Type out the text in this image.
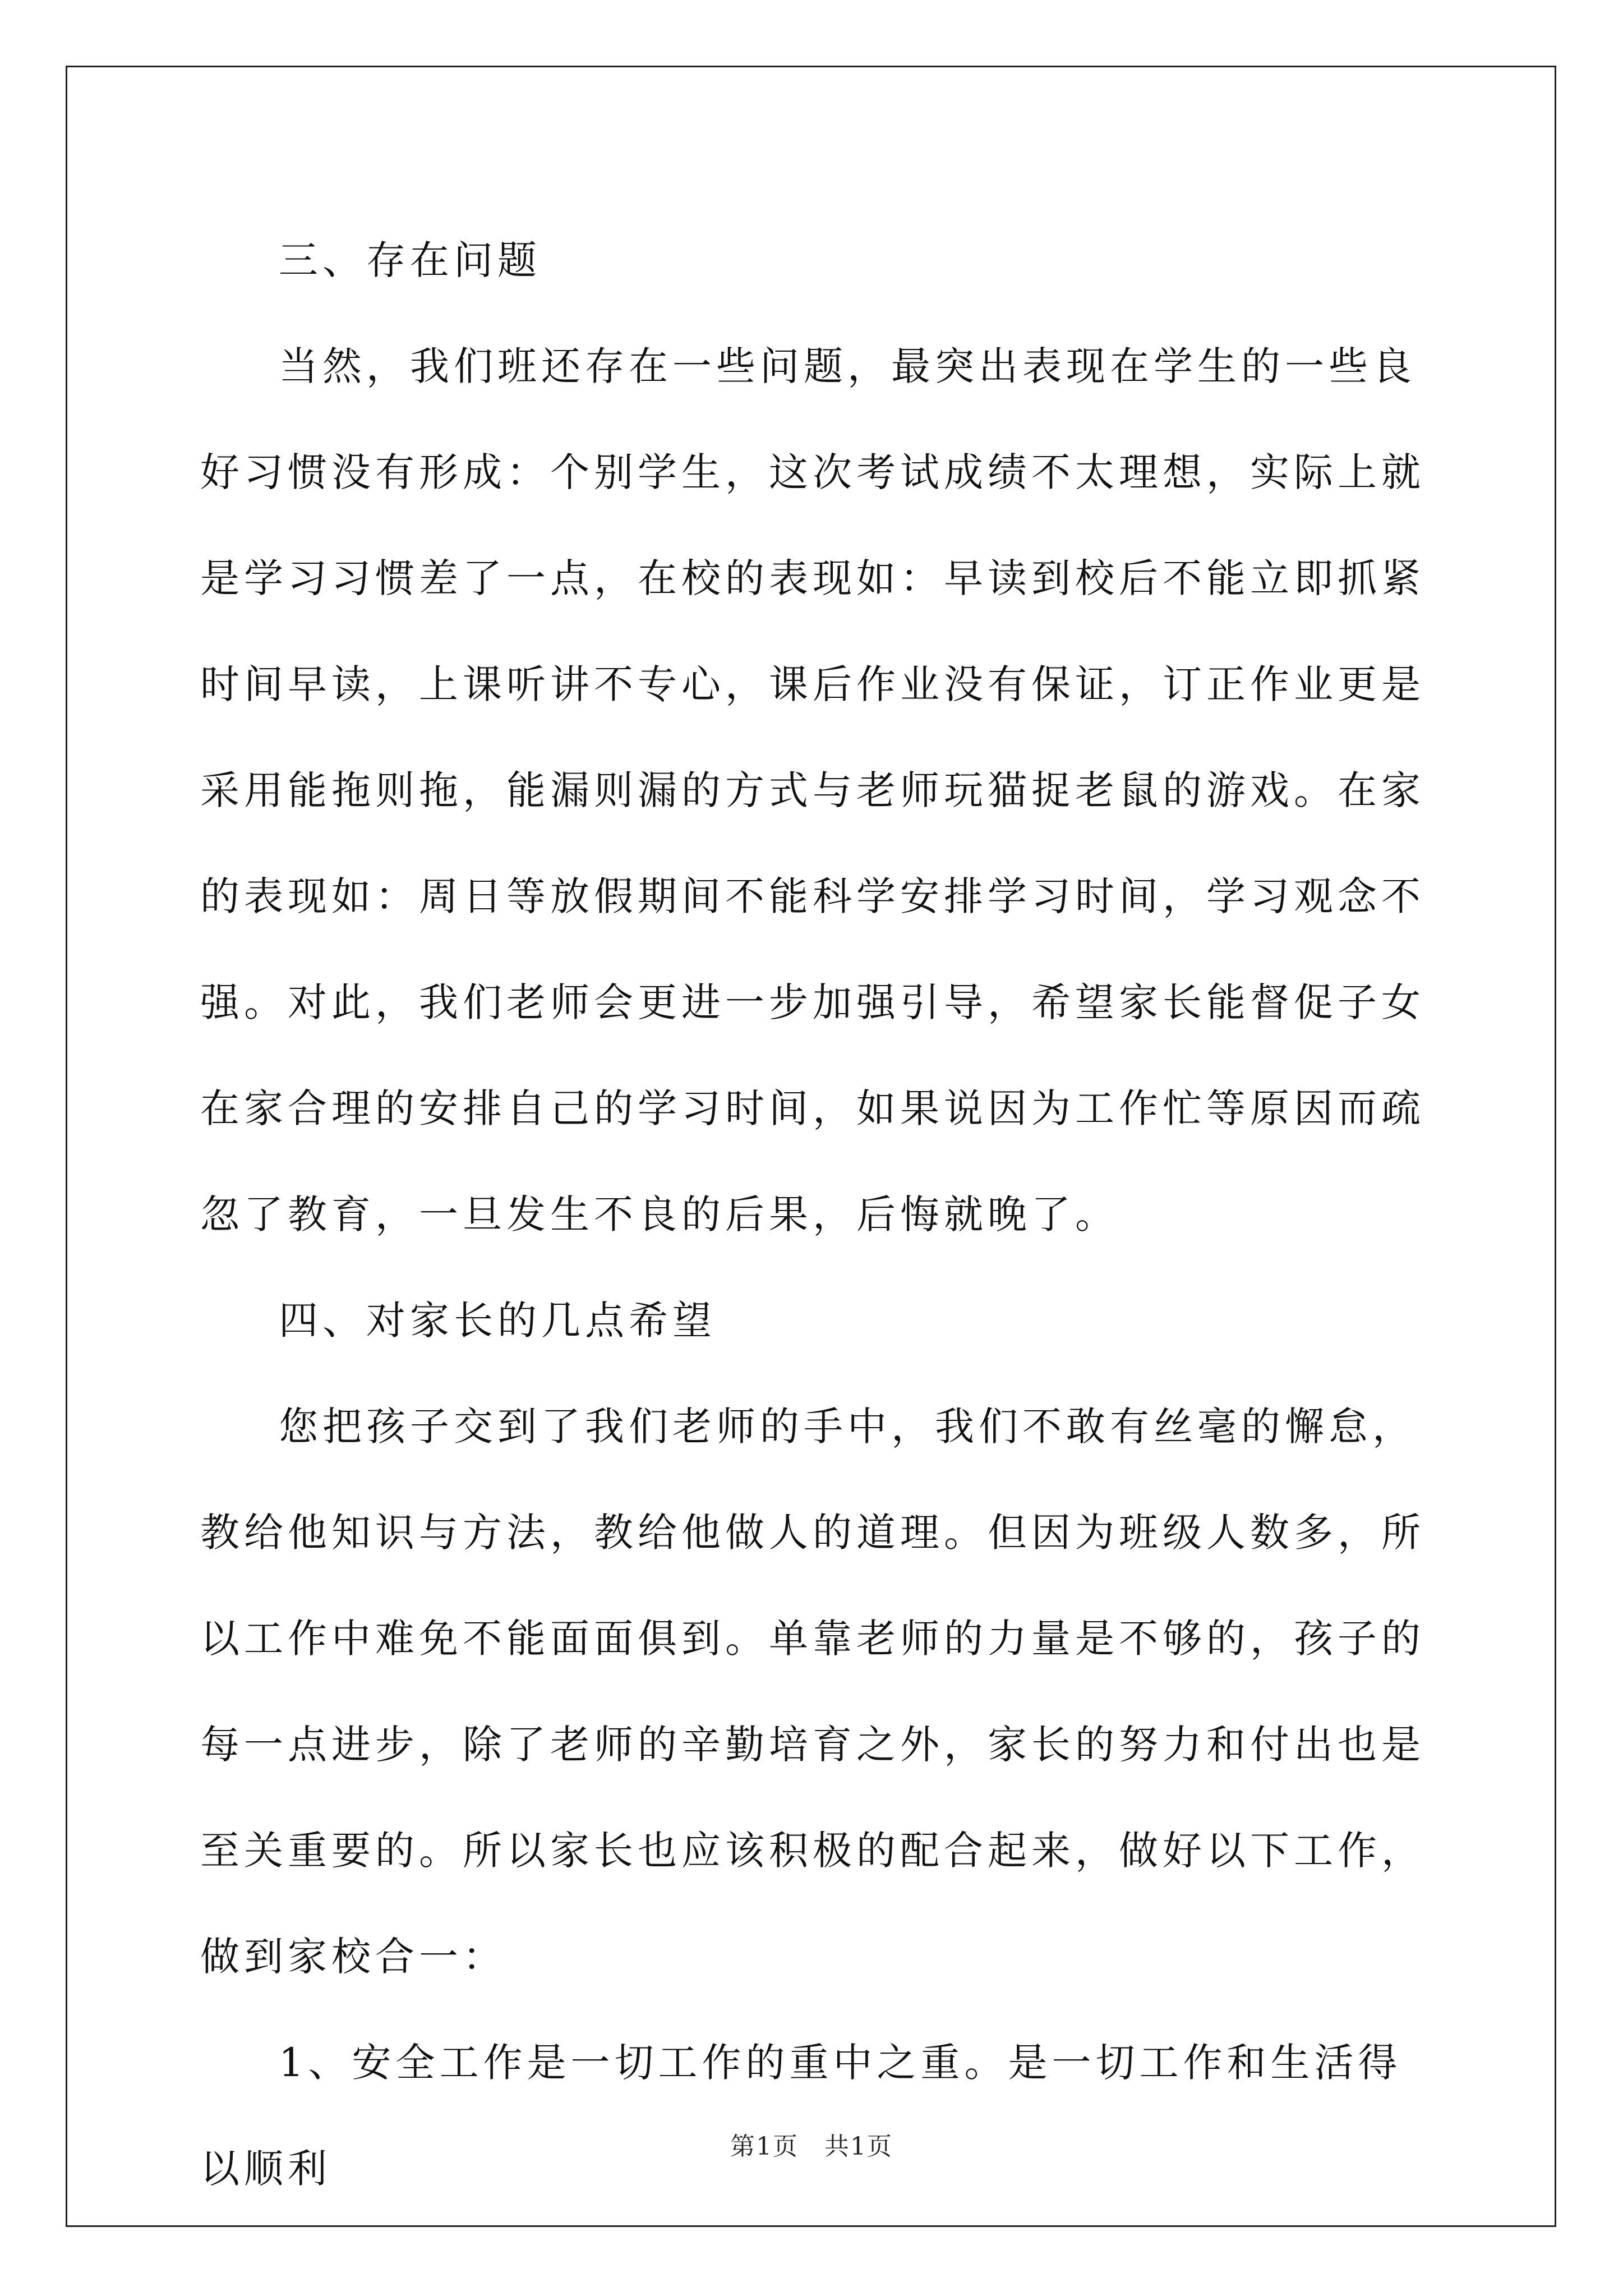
三、存在问题

当然，我们班还存在一些问题，最突出表现在学生的一些良好习惯没有形成：个别学生，这次考试成绩不太理想，实际上就是学习习惯差了一点，在校的表现如：早读到校后不能立即抓紧时间早读，上课听讲不专心，课后作业没有保证，订正作业更是采用能拖则拖，能漏则漏的方式与老师玩猫捉老鼠的游戏。在家的表现如：周日等放假期间不能科学安排学习时间，学习观念不强。对此，我们老师会更进一步加强引导，希望家长能督促子女在家合理的安排自己的学习时间，如果说因为工作忙等原因而疏忽了教育，一旦发生不良的后果，后悔就晚了。

四、对家长的几点希望

您把孩子交到了我们老师的手中，我们不敢有丝毫的懈怠，教给他知识与方法，教给他做人的道理。但因为班级人数多，所以工作中难免不能面面俱到。单靠老师的力量是不够的，孩子的每一点进步，除了老师的辛勤培育之外，家长的努力和付出也是至关重要的。所以家长也应该积极的配合起来，做好以下工作，做到家校合一：

1、安全工作是一切工作的重中之重。是一切工作和生活得以顺利	第1页　共1页
